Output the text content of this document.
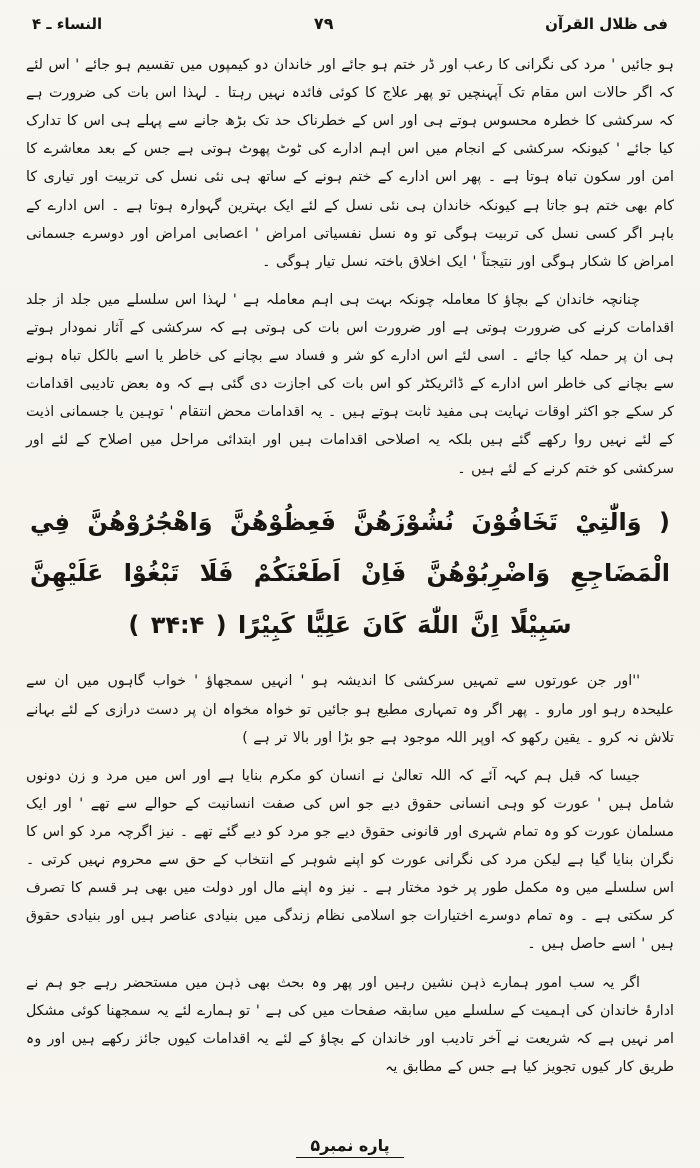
فی ظلال القرآن
۷۹
النساء ـ ۴

ہو جائیں ' مرد کی نگرانی کا رعب اور ڈر ختم ہو جائے اور خاندان دو کیمپوں میں تقسیم ہو جائے ' اس لئے کہ اگر حالات اس مقام تک آپہنچیں تو پھر علاج کا کوئی فائدہ نہیں رہتا ۔ لہذا اس بات کی ضرورت ہے کہ سرکشی کا خطرہ محسوس ہوتے ہی اور اس کے خطرناک حد تک بڑھ جانے سے پہلے ہی اس کا تدارک کیا جائے ' کیونکہ سرکشی کے انجام میں اس اہم ادارے کی ٹوٹ پھوٹ ہوتی ہے جس کے بعد معاشرے کا امن اور سکون تباہ ہوتا ہے ۔ پھر اس ادارے کے ختم ہونے کے ساتھ ہی نئی نسل کی تربیت اور تیاری کا کام بھی ختم ہو جاتا ہے کیونکہ خاندان ہی نئی نسل کے لئے ایک بہترین گہوارہ ہوتا ہے ۔ اس ادارے کے باہر اگر کسی نسل کی تربیت ہوگی تو وہ نسل نفسیاتی امراض ' اعصابی امراض اور دوسرے جسمانی امراض کا شکار ہوگی اور نتیجتاً ' ایک اخلاق باختہ نسل تیار ہوگی ۔

چنانچہ خاندان کے بچاؤ کا معاملہ چونکہ بہت ہی اہم معاملہ ہے ' لہذا اس سلسلے میں جلد از جلد اقدامات کرنے کی ضرورت ہوتی ہے اور ضرورت اس بات کی ہوتی ہے کہ سرکشی کے آثار نمودار ہوتے ہی ان پر حملہ کیا جائے ۔ اسی لئے اس ادارے کو شر و فساد سے بچانے کی خاطر یا اسے بالکل تباہ ہونے سے بچانے کی خاطر اس ادارے کے ڈائریکٹر کو اس بات کی اجازت دی گئی ہے کہ وہ بعض تادیبی اقدامات کر سکے جو اکثر اوقات نہایت ہی مفید ثابت ہوتے ہیں ۔ یہ اقدامات محض انتقام ' توہین یا جسمانی اذیت کے لئے نہیں روا رکھے گئے ہیں بلکہ یہ اصلاحی اقدامات ہیں اور ابتدائی مراحل میں اصلاح کے لئے اور سرکشی کو ختم کرنے کے لئے ہیں ۔

( وَالّٰتِيْ تَخَافُوْنَ نُشُوْزَهُنَّ فَعِظُوْهُنَّ وَاهْجُرُوْهُنَّ فِي الْمَضَاجِعِ وَاضْرِبُوْهُنَّ فَاِنْ اَطَعْنَكُمْ فَلَا تَبْغُوْا عَلَيْهِنَّ سَبِيْلًا اِنَّ اللّٰهَ كَانَ عَلِيًّا كَبِيْرًا ( ۳۴:۴ )

''اور جن عورتوں سے تمہیں سرکشی کا اندیشہ ہو ' انہیں سمجھاؤ ' خواب گاہوں میں ان سے علیحدہ رہو اور مارو ۔ پھر اگر وہ تمہاری مطیع ہو جائیں تو خواہ مخواہ ان پر دست درازی کے لئے بہانے تلاش نہ کرو ۔ یقین رکھو کہ اوپر اللہ موجود ہے جو بڑا اور بالا تر ہے )

جیسا کہ قبل ہم کہہ آئے کہ اللہ تعالیٰ نے انسان کو مکرم بنایا ہے اور اس میں مرد و زن دونوں شامل ہیں ' عورت کو وہی انسانی حقوق دیے جو اس کی صفت انسانیت کے حوالے سے تھے ' اور ایک مسلمان عورت کو وہ تمام شہری اور قانونی حقوق دیے جو مرد کو دیے گئے تھے ۔ نیز اگرچہ مرد کو اس کا نگران بنایا گیا ہے لیکن مرد کی نگرانی عورت کو اپنے شوہر کے انتخاب کے حق سے محروم نہیں کرتی ۔ اس سلسلے میں وہ مکمل طور پر خود مختار ہے ۔ نیز وہ اپنے مال اور دولت میں بھی ہر قسم کا تصرف کر سکتی ہے ۔ وہ تمام دوسرے اختیارات جو اسلامی نظام زندگی میں بنیادی عناصر ہیں اور بنیادی حقوق ہیں ' اسے حاصل ہیں ۔

اگر یہ سب امور ہمارے ذہن نشین رہیں اور پھر وہ بحث بھی ذہن میں مستحضر رہے جو ہم نے ادارۂ خاندان کی اہمیت کے سلسلے میں سابقہ صفحات میں کی ہے ' تو ہمارے لئے یہ سمجھنا کوئی مشکل امر نہیں ہے کہ شریعت نے آخر تادیب اور خاندان کے بچاؤ کے لئے یہ اقدامات کیوں جائز رکھے ہیں اور وہ طریق کار کیوں تجویز کیا ہے جس کے مطابق یہ

پاره نمبر۵
